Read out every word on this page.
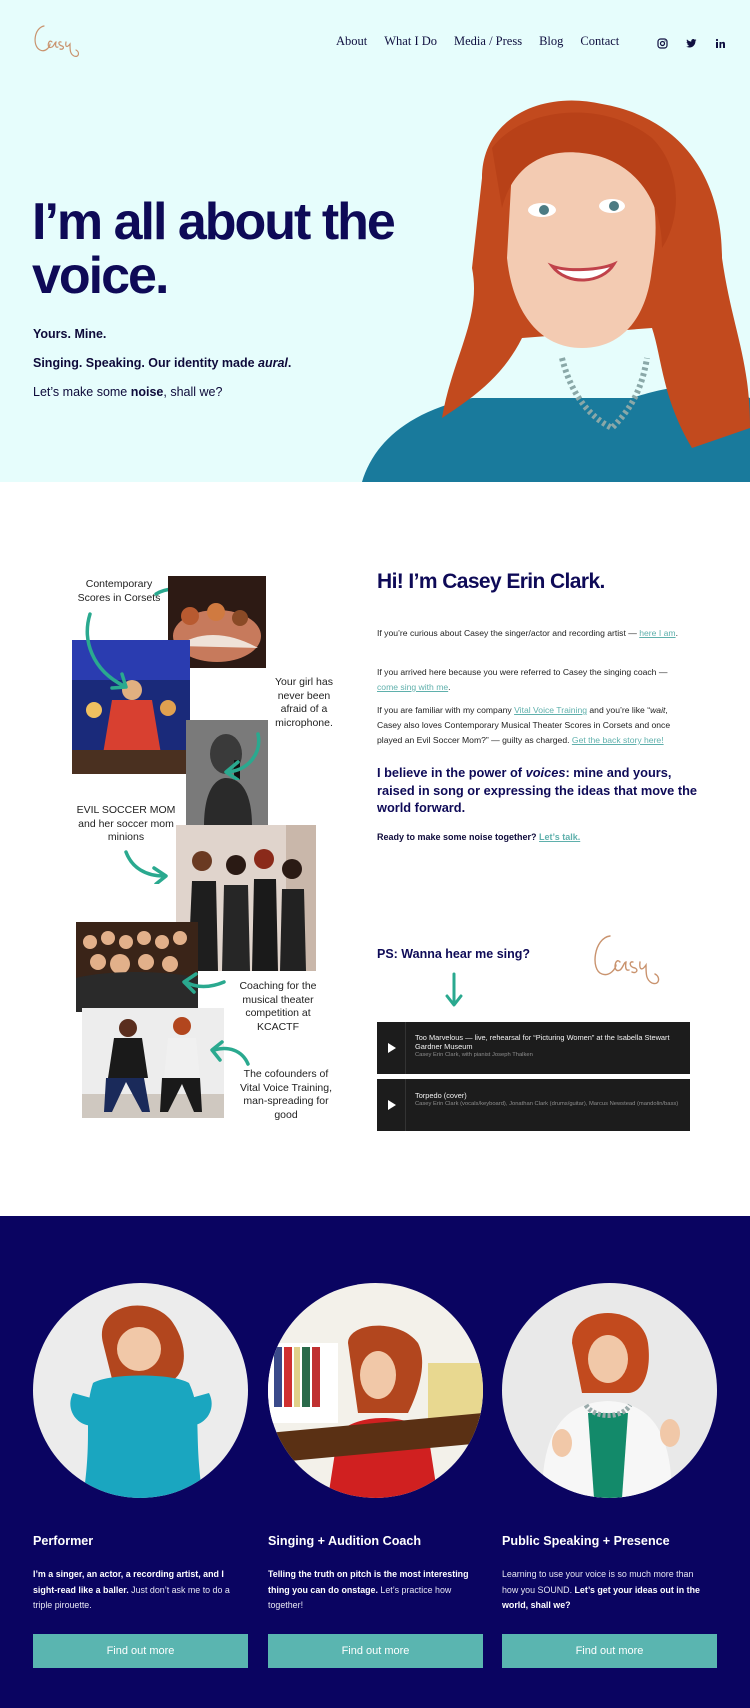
About What I Do Media / Press Blog Contact
I’m all about the voice.

Yours. Mine.

Singing. Speaking. Our identity made aural.

Let’s make some noise, shall we?

Contemporary Scores in Corsets
Your girl has never been afraid of a microphone.
EVIL SOCCER MOM and her soccer mom minions
Coaching for the musical theater competition at KCACTF
The cofounders of Vital Voice Training, man-spreading for good
Hi! I’m Casey Erin Clark.

If you’re curious about Casey the singer/actor and recording artist — here I am.

If you arrived here because you were referred to Casey the singing coach — come sing with me.

If you are familiar with my company Vital Voice Training and you’re like “wait, Casey also loves Contemporary Musical Theater Scores in Corsets and once played an Evil Soccer Mom?” — guilty as charged. Get the back story here!

I believe in the power of voices: mine and yours, raised in song or expressing the ideas that move the world forward.

Ready to make some noise together? Let’s talk.

PS: Wanna hear me sing?
Too Marvelous — live, rehearsal for “Picturing Women” at the Isabella Stewart Gardner Museum
Casey Erin Clark, with pianist Joseph Thalken
Torpedo (cover)
Casey Erin Clark (vocals/keyboard), Jonathan Clark (drums/guitar), Marcus Newstead (mandolin/bass)
Performer

I’m a singer, an actor, a recording artist, and I sight-read like a baller. Just don’t ask me to do a triple pirouette.

Find out more
Singing + Audition Coach

Telling the truth on pitch is the most interesting thing you can do onstage. Let’s practice how together!

Find out more
Public Speaking + Presence

Learning to use your voice is so much more than how you SOUND. Let’s get your ideas out in the world, shall we?

Find out more
